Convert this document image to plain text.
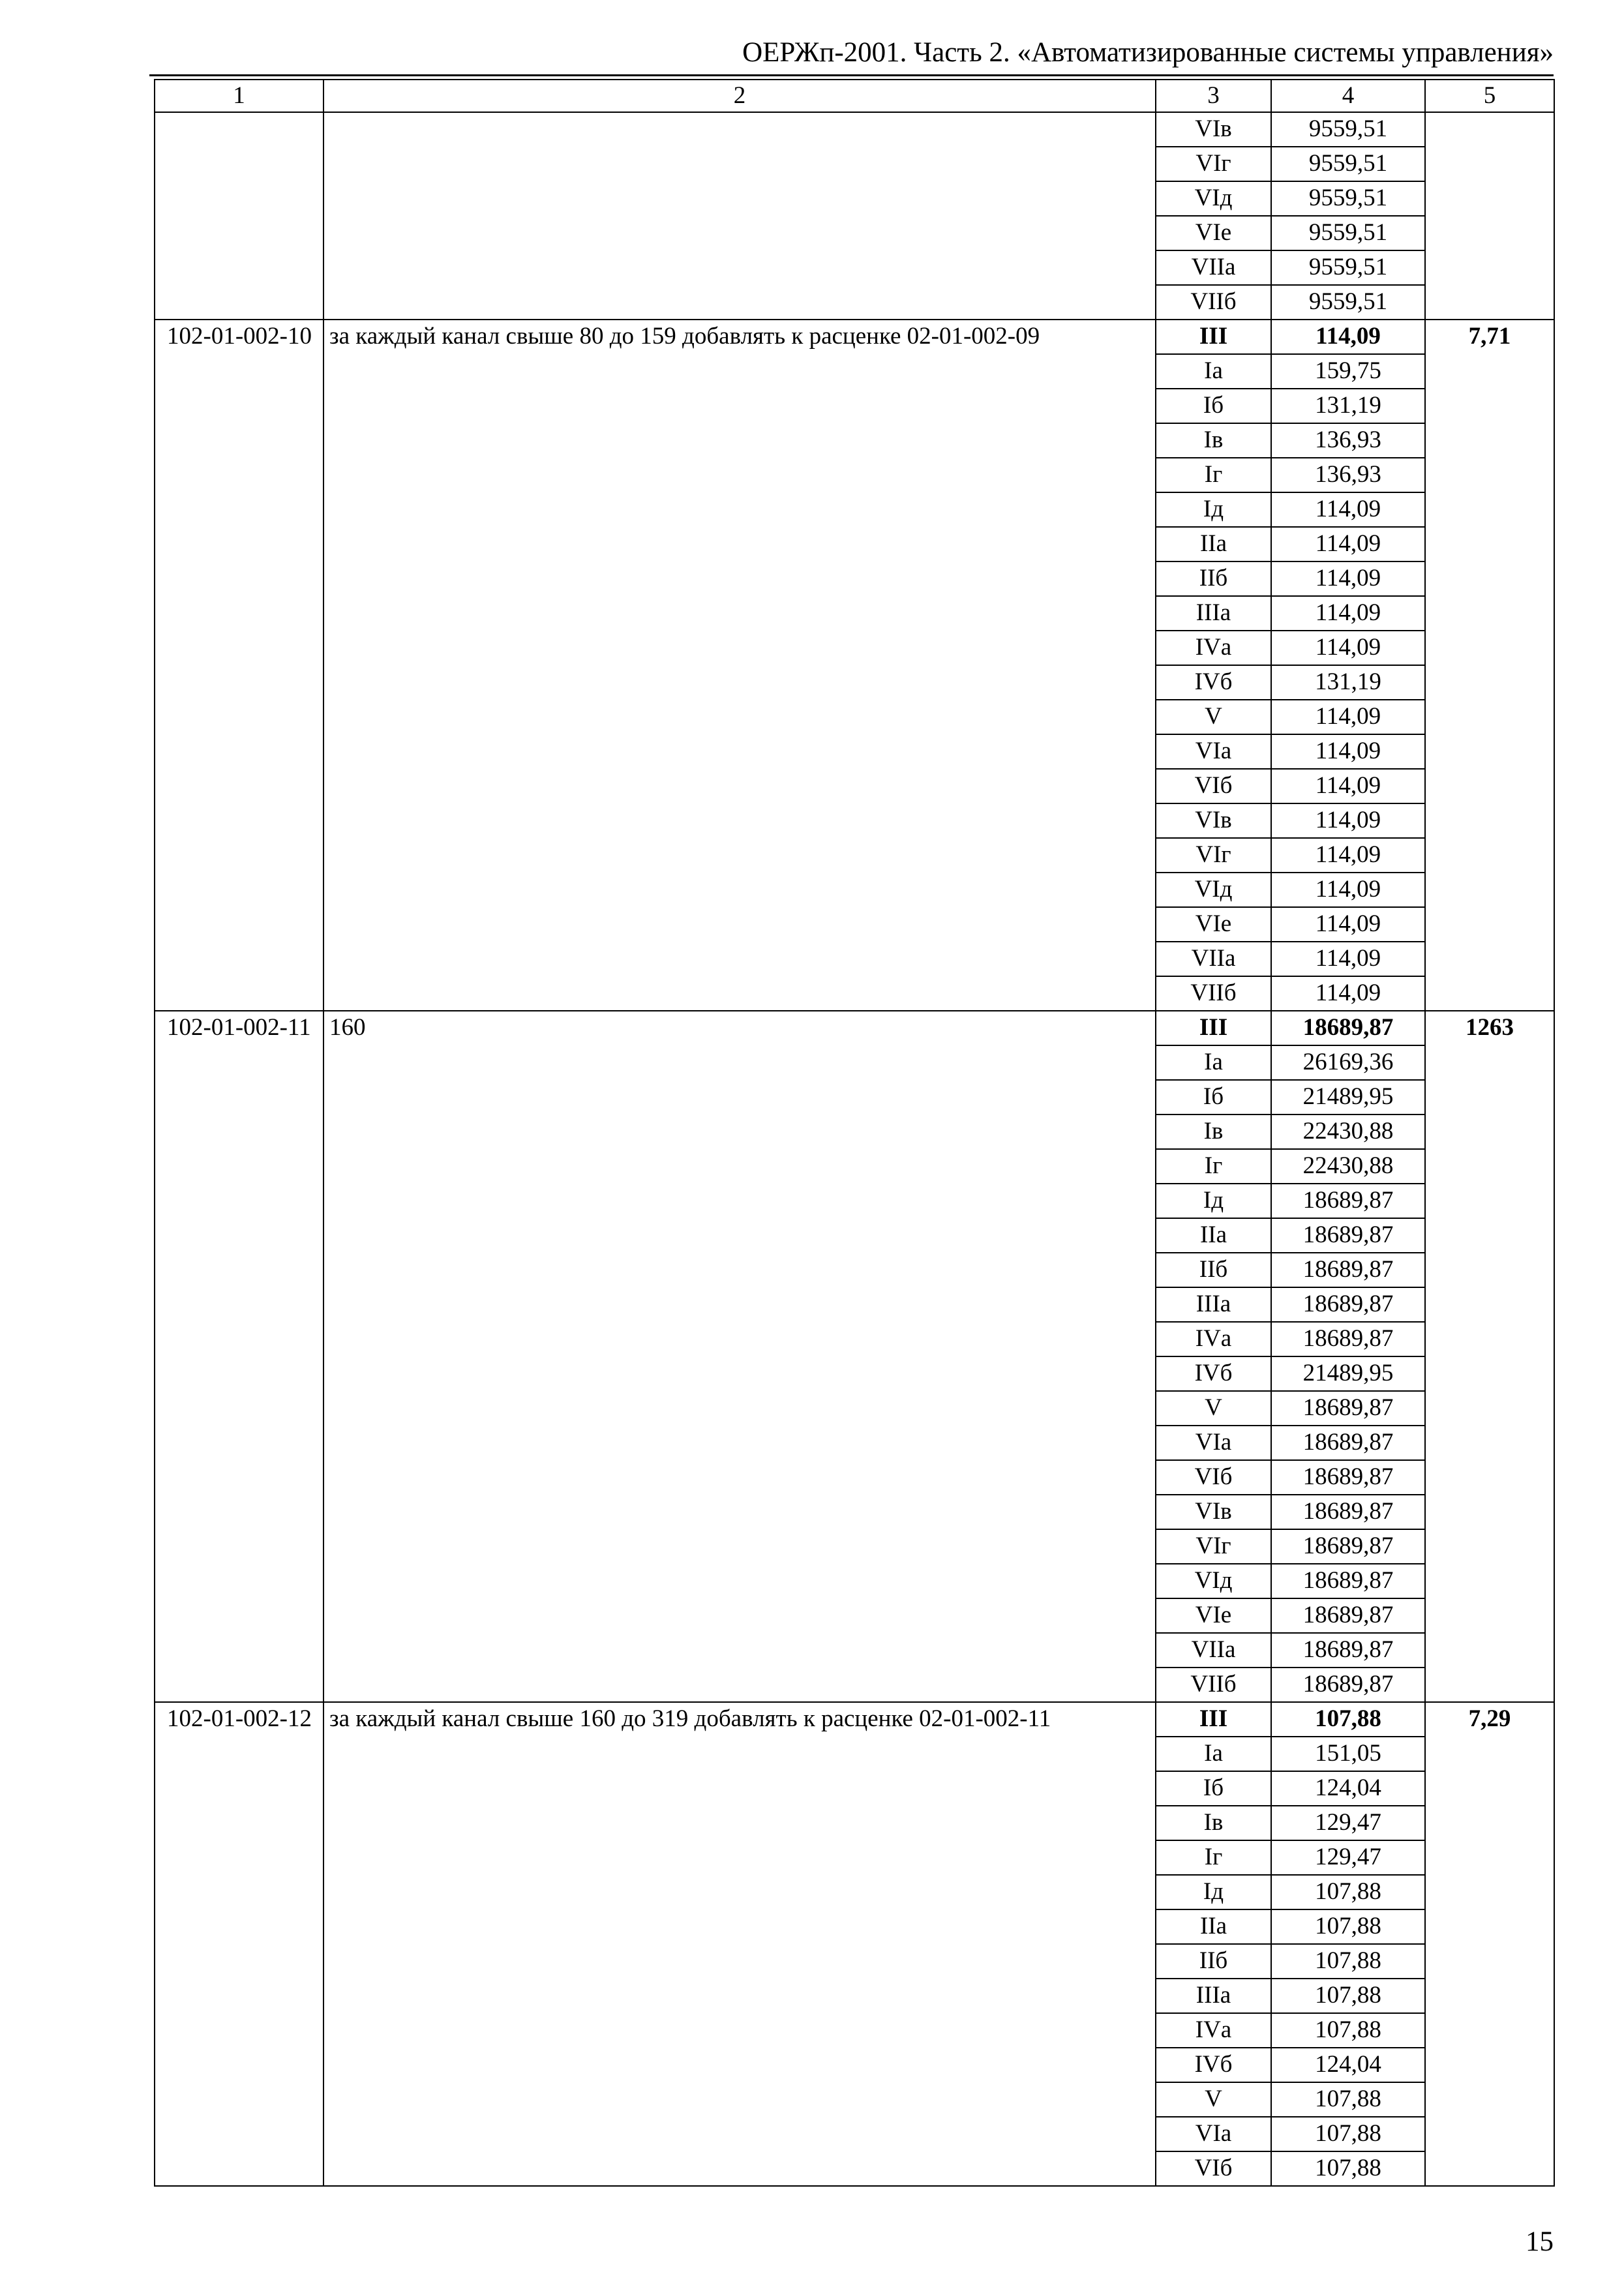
ОЕРЖп-2001. Часть 2. «Автоматизированные системы управления»
1	2	3	4	5
		VIв	9559,51	
		VIг	9559,51	
		VIд	9559,51	
		VIе	9559,51	
		VIIа	9559,51	
		VIIб	9559,51	
102-01-002-10	за каждый канал свыше 80 до 159 добавлять к расценке 02-01-002-09	III	114,09	7,71
		Iа	159,75	
		Iб	131,19	
		Iв	136,93	
		Iг	136,93	
		Iд	114,09	
		IIа	114,09	
		IIб	114,09	
		IIIа	114,09	
		IVа	114,09	
		IVб	131,19	
		V	114,09	
		VIа	114,09	
		VIб	114,09	
		VIв	114,09	
		VIг	114,09	
		VIд	114,09	
		VIе	114,09	
		VIIа	114,09	
		VIIб	114,09	
102-01-002-11	160	III	18689,87	1263
		Iа	26169,36	
		Iб	21489,95	
		Iв	22430,88	
		Iг	22430,88	
		Iд	18689,87	
		IIа	18689,87	
		IIб	18689,87	
		IIIа	18689,87	
		IVа	18689,87	
		IVб	21489,95	
		V	18689,87	
		VIа	18689,87	
		VIб	18689,87	
		VIв	18689,87	
		VIг	18689,87	
		VIд	18689,87	
		VIе	18689,87	
		VIIа	18689,87	
		VIIб	18689,87	
102-01-002-12	за каждый канал свыше 160 до 319 добавлять к расценке 02-01-002-11	III	107,88	7,29
		Iа	151,05	
		Iб	124,04	
		Iв	129,47	
		Iг	129,47	
		Iд	107,88	
		IIа	107,88	
		IIб	107,88	
		IIIа	107,88	
		IVа	107,88	
		IVб	124,04	
		V	107,88	
		VIа	107,88	
		VIб	107,88	
15
